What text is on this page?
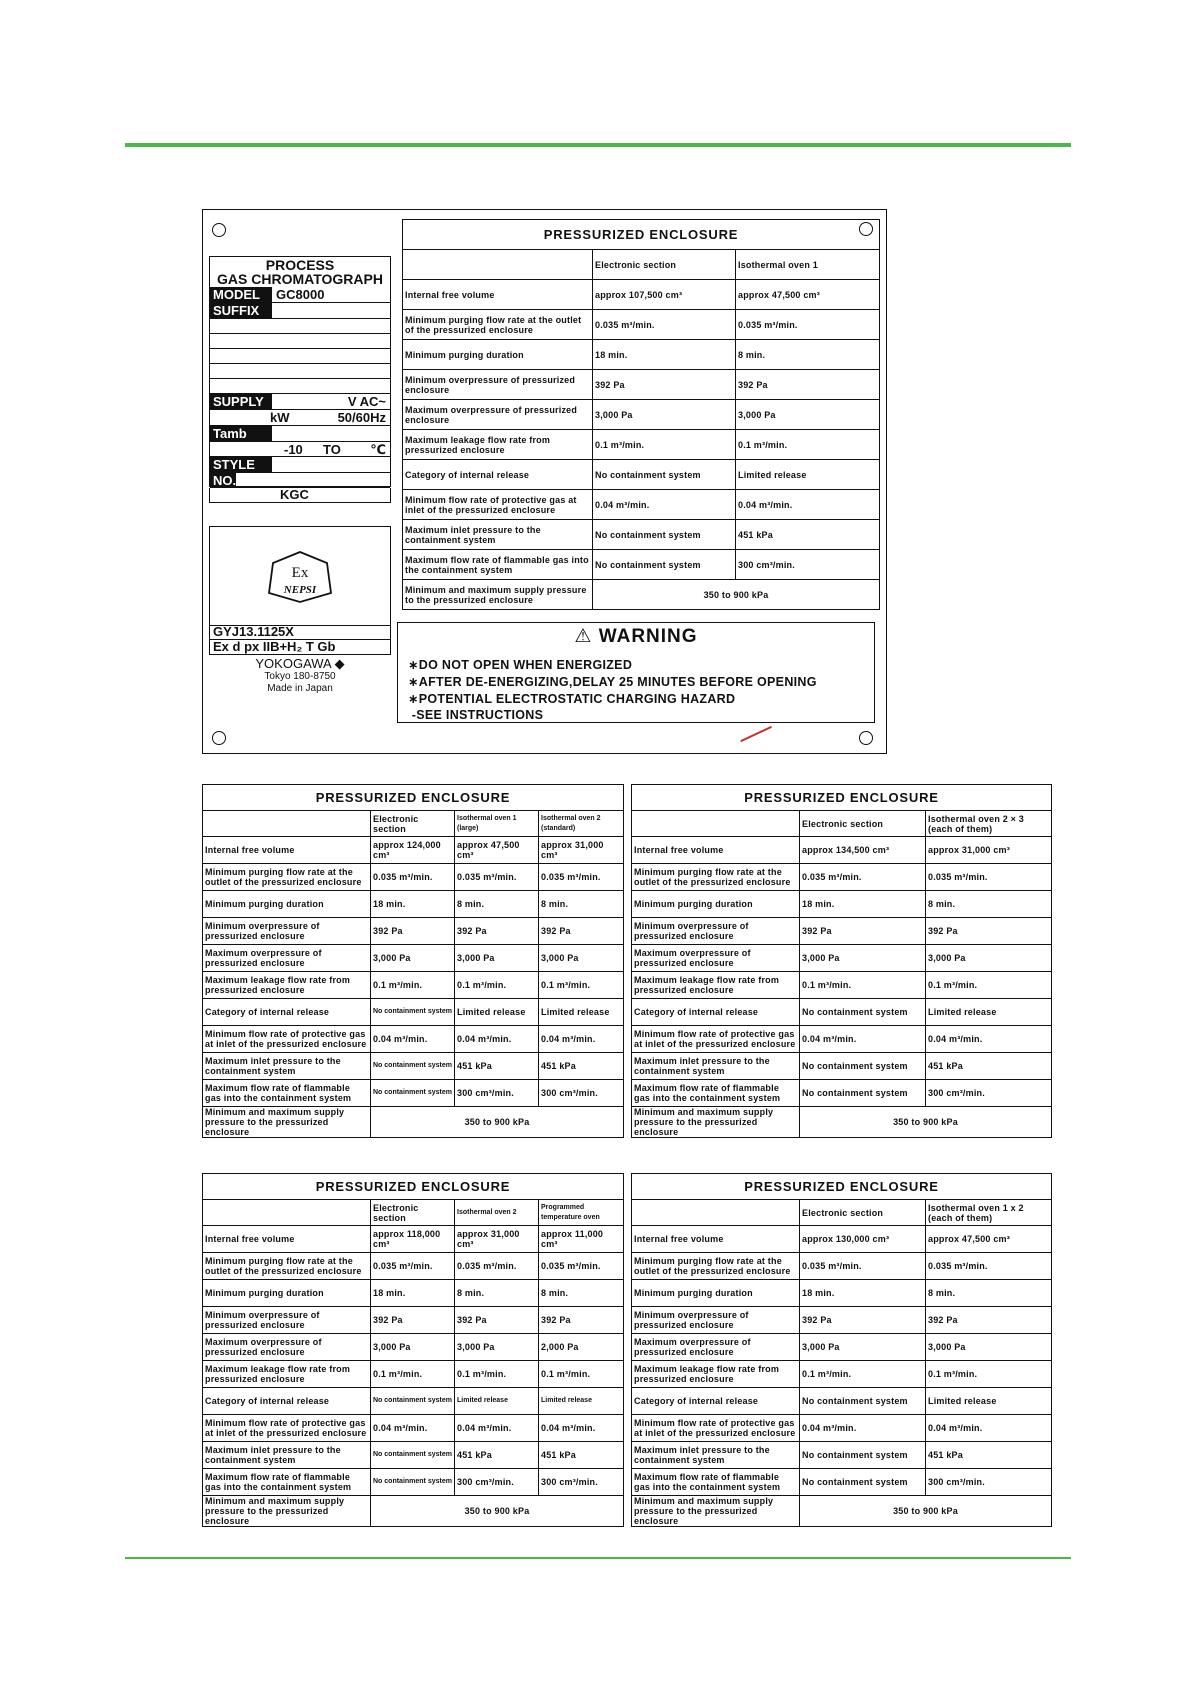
PROCESS
GAS CHROMATOGRAPH
MODEL	GC8000
SUFFIX
SUPPLY	V AC~
kW	50/60Hz
Tamb
-10 TO ℃
STYLE
NO.
KGC
Ex
NEPSI
GYJ13.1125X
Ex d px IIB+H₂ T Gb
YOKOGAWA ◆
Tokyo 180-8750
Made in Japan
PRESSURIZED ENCLOSURE		
	Electronic section	Isothermal oven 1
Internal free volume	approx 107,500 cm³	approx 47,500 cm³
Minimum purging flow rate at the outlet of the pressurized enclosure	0.035 m³/min.	0.035 m³/min.
Minimum purging duration	18 min.	8 min.
Minimum overpressure of pressurized enclosure	392 Pa	392 Pa
Maximum overpressure of pressurized enclosure	3,000 Pa	3,000 Pa
Maximum leakage flow rate from pressurized enclosure	0.1 m³/min.	0.1 m³/min.
Category of internal release	No containment system	Limited release
Minimum flow rate of protective gas at inlet of the pressurized enclosure	0.04 m³/min.	0.04 m³/min.
Maximum inlet pressure to the containment system	No containment system	451 kPa
Maximum flow rate of flammable gas into the containment system	No containment system	300 cm³/min.
Minimum and maximum supply pressure to the pressurized enclosure	350 to 900 kPa	
⚠ WARNING
∗DO NOT OPEN WHEN ENERGIZED
∗AFTER DE-ENERGIZING,DELAY 25 MINUTES BEFORE OPENING
∗POTENTIAL ELECTROSTATIC CHARGING HAZARD
-SEE INSTRUCTIONS
PRESSURIZED ENCLOSURE			
	Electronic section	Isothermal oven 1 (large)	Isothermal oven 2 (standard)
Internal free volume	approx 124,000 cm³	approx 47,500 cm³	approx 31,000 cm³
Minimum purging flow rate at the outlet of the pressurized enclosure	0.035 m³/min.	0.035 m³/min.	0.035 m³/min.
Minimum purging duration	18 min.	8 min.	8 min.
Minimum overpressure of pressurized enclosure	392 Pa	392 Pa	392 Pa
Maximum overpressure of pressurized enclosure	3,000 Pa	3,000 Pa	3,000 Pa
Maximum leakage flow rate from pressurized enclosure	0.1 m³/min.	0.1 m³/min.	0.1 m³/min.
Category of internal release	No containment system	Limited release	Limited release
Minimum flow rate of protective gas at inlet of the pressurized enclosure	0.04 m³/min.	0.04 m³/min.	0.04 m³/min.
Maximum inlet pressure to the containment system	No containment system	451 kPa	451 kPa
Maximum flow rate of flammable gas into the containment system	No containment system	300 cm³/min.	300 cm³/min.
Minimum and maximum supply pressure to the pressurized enclosure	350 to 900 kPa		
PRESSURIZED ENCLOSURE		
	Electronic section	Isothermal oven 2 × 3 (each of them)
Internal free volume	approx 134,500 cm³	approx 31,000 cm³
Minimum purging flow rate at the outlet of the pressurized enclosure	0.035 m³/min.	0.035 m³/min.
Minimum purging duration	18 min.	8 min.
Minimum overpressure of pressurized enclosure	392 Pa	392 Pa
Maximum overpressure of pressurized enclosure	3,000 Pa	3,000 Pa
Maximum leakage flow rate from pressurized enclosure	0.1 m³/min.	0.1 m³/min.
Category of internal release	No containment system	Limited release
Minimum flow rate of protective gas at inlet of the pressurized enclosure	0.04 m³/min.	0.04 m³/min.
Maximum inlet pressure to the containment system	No containment system	451 kPa
Maximum flow rate of flammable gas into the containment system	No containment system	300 cm³/min.
Minimum and maximum supply pressure to the pressurized enclosure	350 to 900 kPa	
PRESSURIZED ENCLOSURE			
	Electronic section	Isothermal oven 2	Programmed temperature oven
Internal free volume	approx 118,000 cm³	approx 31,000 cm³	approx 11,000 cm³
Minimum purging flow rate at the outlet of the pressurized enclosure	0.035 m³/min.	0.035 m³/min.	0.035 m³/min.
Minimum purging duration	18 min.	8 min.	8 min.
Minimum overpressure of pressurized enclosure	392 Pa	392 Pa	392 Pa
Maximum overpressure of pressurized enclosure	3,000 Pa	3,000 Pa	2,000 Pa
Maximum leakage flow rate from pressurized enclosure	0.1 m³/min.	0.1 m³/min.	0.1 m³/min.
Category of internal release	No containment system	Limited release	Limited release
Minimum flow rate of protective gas at inlet of the pressurized enclosure	0.04 m³/min.	0.04 m³/min.	0.04 m³/min.
Maximum inlet pressure to the containment system	No containment system	451 kPa	451 kPa
Maximum flow rate of flammable gas into the containment system	No containment system	300 cm³/min.	300 cm³/min.
Minimum and maximum supply pressure to the pressurized enclosure	350 to 900 kPa		
PRESSURIZED ENCLOSURE		
	Electronic section	Isothermal oven 1 x 2 (each of them)
Internal free volume	approx 130,000 cm³	approx 47,500 cm³
Minimum purging flow rate at the outlet of the pressurized enclosure	0.035 m³/min.	0.035 m³/min.
Minimum purging duration	18 min.	8 min.
Minimum overpressure of pressurized enclosure	392 Pa	392 Pa
Maximum overpressure of pressurized enclosure	3,000 Pa	3,000 Pa
Maximum leakage flow rate from pressurized enclosure	0.1 m³/min.	0.1 m³/min.
Category of internal release	No containment system	Limited release
Minimum flow rate of protective gas at inlet of the pressurized enclosure	0.04 m³/min.	0.04 m³/min.
Maximum inlet pressure to the containment system	No containment system	451 kPa
Maximum flow rate of flammable gas into the containment system	No containment system	300 cm³/min.
Minimum and maximum supply pressure to the pressurized enclosure	350 to 900 kPa	
